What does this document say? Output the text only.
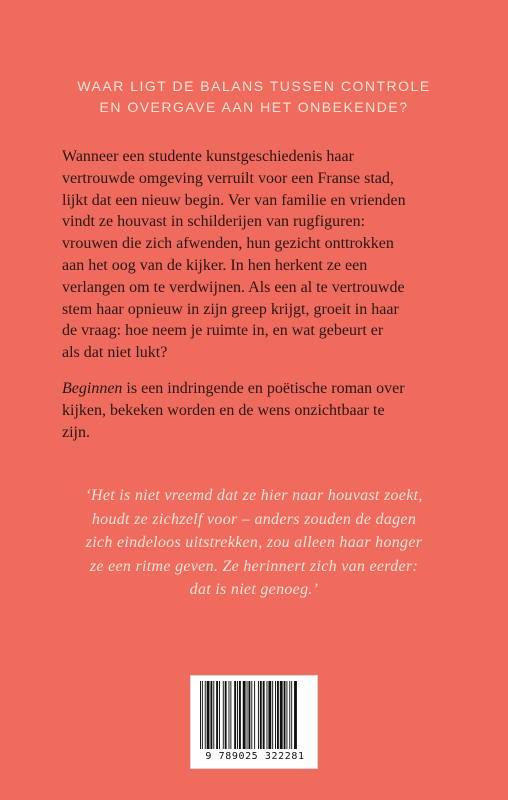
WAAR LIGT DE BALANS TUSSEN CONTROLE
EN OVERGAVE AAN HET ONBEKENDE?
Wanneer een studente kunstgeschiedenis haar
vertrouwde omgeving verruilt voor een Franse stad,
lijkt dat een nieuw begin. Ver van familie en vrienden
vindt ze houvast in schilderijen van rugfiguren:
vrouwen die zich afwenden, hun gezicht onttrokken
aan het oog van de kijker. In hen herkent ze een
verlangen om te verdwijnen. Als een al te vertrouwde
stem haar opnieuw in zijn greep krijgt, groeit in haar
de vraag: hoe neem je ruimte in, en wat gebeurt er
als dat niet lukt?
Beginnen is een indringende en poëtische roman over
kijken, bekeken worden en de wens onzichtbaar te
zijn.
‘Het is niet vreemd dat ze hier naar houvast zoekt,
houdt ze zichzelf voor – anders zouden de dagen
zich eindeloos uitstrekken, zou alleen haar honger
ze een ritme geven. Ze herinnert zich van eerder:
dat is niet genoeg.’
9 789025 322281
